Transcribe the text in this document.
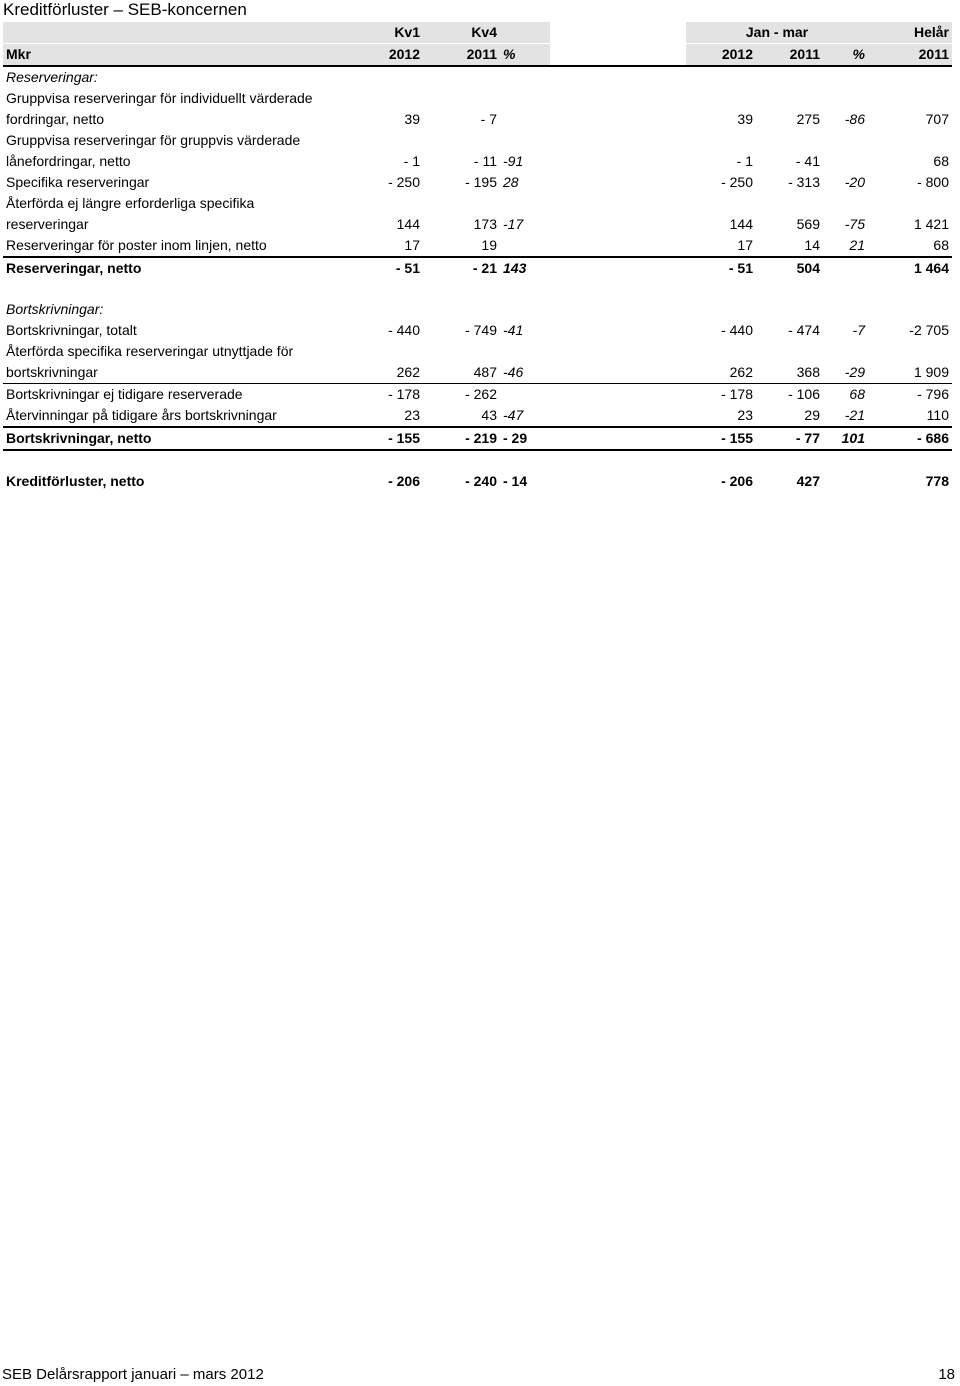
Kreditförluster – SEB-koncernen
	Kv1	Kv4			Jan - mar			Helår
Mkr	2012	2011	%		2012	2011	%	2011
Reserveringar:								
Gruppvisa reserveringar för individuellt värderade								
fordringar, netto	39	- 7			39	275	-86	707
Gruppvisa reserveringar för gruppvis värderade								
lånefordringar, netto	- 1	- 11	-91		- 1	- 41		68
Specifika reserveringar	- 250	- 195	28		- 250	- 313	-20	- 800
Återförda ej längre erforderliga specifika								
reserveringar	144	173	-17		144	569	-75	1 421
Reserveringar för poster inom linjen, netto	17	19			17	14	21	68
Reserveringar, netto	- 51	- 21	143		- 51	504		1 464

Bortskrivningar:								
Bortskrivningar, totalt	- 440	- 749	-41		- 440	- 474	-7	-2 705
Återförda specifika reserveringar utnyttjade för								
bortskrivningar	262	487	-46		262	368	-29	1 909
Bortskrivningar ej tidigare reserverade	- 178	- 262			- 178	- 106	68	- 796
Återvinningar på tidigare års bortskrivningar	23	43	-47		23	29	-21	110
Bortskrivningar, netto	- 155	- 219	- 29		- 155	- 77	101	- 686

Kreditförluster, netto	- 206	- 240	- 14		- 206	427		778
SEB Delårsrapport januari – mars 2012	18
